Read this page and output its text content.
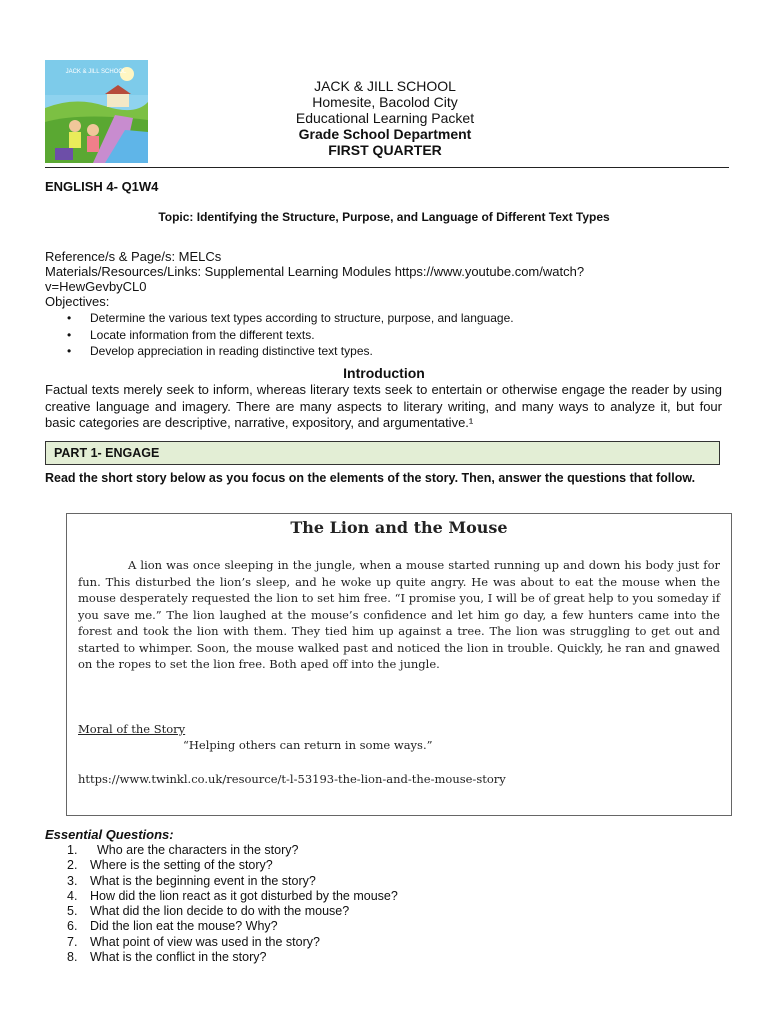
JACK & JILL SCHOOL
JACK & JILL SCHOOL
Homesite, Bacolod City
Educational Learning Packet
Grade School Department
FIRST QUARTER
ENGLISH 4- Q1W4
Topic: Identifying the Structure, Purpose, and Language of Different Text Types
Reference/s & Page/s: MELCs
Materials/Resources/Links: Supplemental Learning Modules https://www.youtube.com/watch?v=HewGevbyCL0
Objectives:
• Determine the various text types according to structure, purpose, and language.
• Locate information from the different texts.
• Develop appreciation in reading distinctive text types.
Introduction
Factual texts merely seek to inform, whereas literary texts seek to entertain or otherwise engage the reader by using creative language and imagery. There are many aspects to literary writing, and many ways to analyze it, but four basic categories are descriptive, narrative, expository, and argumentative.¹
PART 1- ENGAGE
Read the short story below as you focus on the elements of the story. Then, answer the questions that follow.
The Lion and the Mouse

A lion was once sleeping in the jungle, when a mouse started running up and down his body just for fun. This disturbed the lion’s sleep, and he woke up quite angry. He was about to eat the mouse when the mouse desperately requested the lion to set him free. “I promise you, I will be of great help to you someday if you save me.” The lion laughed at the mouse’s confidence and let him go day, a few hunters came into the forest and took the lion with them. They tied him up against a tree. The lion was struggling to get out and started to whimper. Soon, the mouse walked past and noticed the lion in trouble. Quickly, he ran and gnawed on the ropes to set the lion free. Both aped off into the jungle.

Moral of the Story
“Helping others can return in some ways.”
https://www.twinkl.co.uk/resource/t-l-53193-the-lion-and-the-mouse-story
Essential Questions:
1. Who are the characters in the story?
2. Where is the setting of the story?
3. What is the beginning event in the story?
4. How did the lion react as it got disturbed by the mouse?
5. What did the lion decide to do with the mouse?
6. Did the lion eat the mouse? Why?
7. What point of view was used in the story?
8. What is the conflict in the story?
